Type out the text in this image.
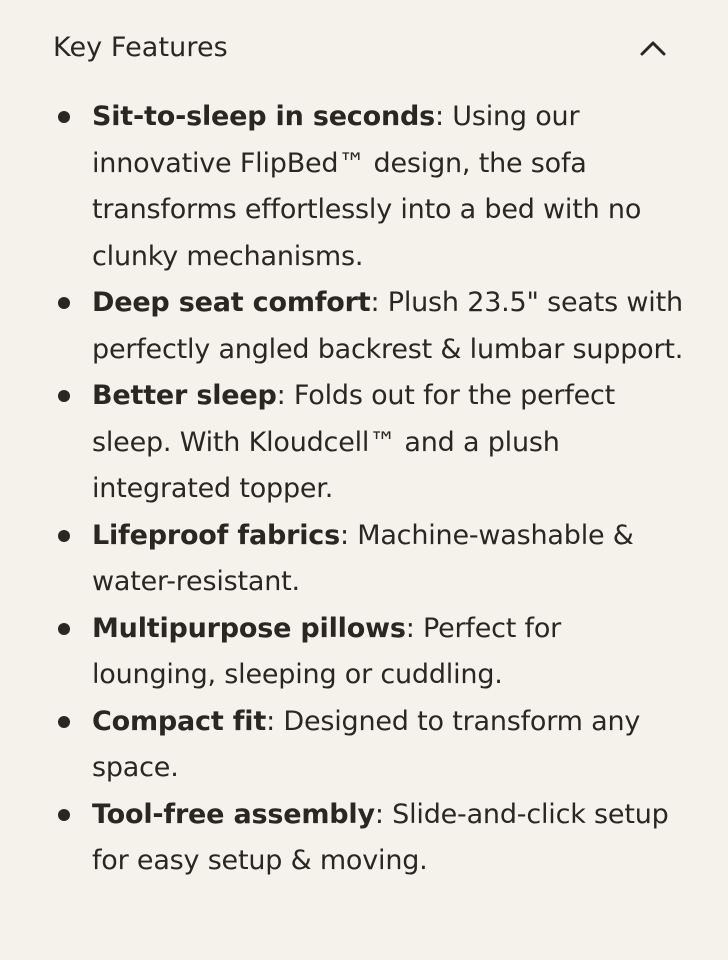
Key Features
Sit-to-sleep in seconds: Using our innovative FlipBed™ design, the sofa transforms effortlessly into a bed with no clunky mechanisms.
Deep seat comfort: Plush 23.5" seats with perfectly angled backrest & lumbar support.
Better sleep: Folds out for the perfect sleep. With Kloudcell™ and a plush integrated topper.
Lifeproof fabrics: Machine-washable & water-resistant.
Multipurpose pillows: Perfect for lounging, sleeping or cuddling.
Compact fit: Designed to transform any space.
Tool-free assembly: Slide-and-click setup for easy setup & moving.
